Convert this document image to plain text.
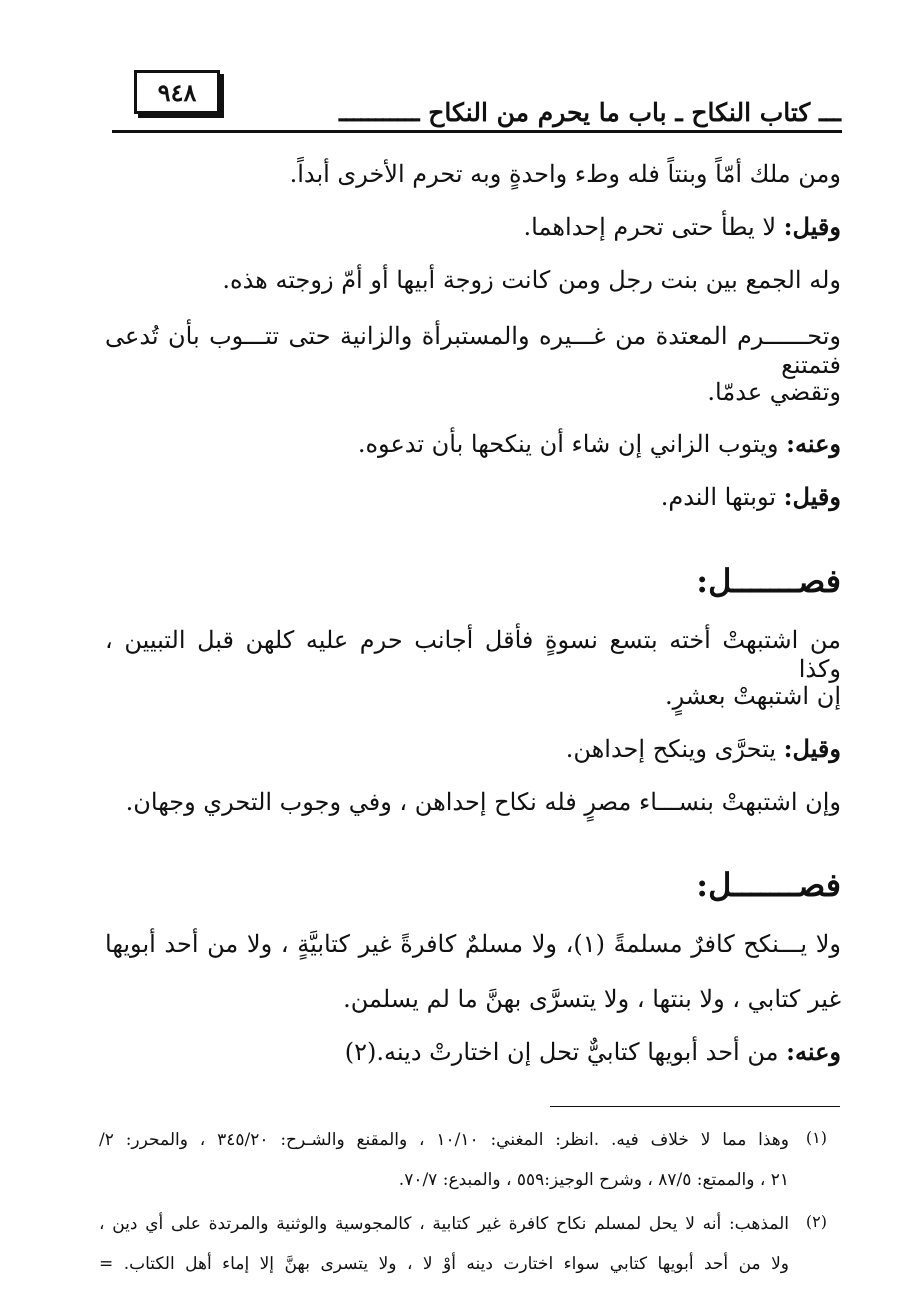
٩٤٨
ـــ كتاب النكاح ـ باب ما يحرم من النكاح ـــــــــــ
ومن ملك أمّاً وبنتاً فله وطء واحدةٍ وبه تحرم الأخرى أبداً.
وقيل: لا يطأ حتى تحرم إحداهما.
وله الجمع بين بنت رجل ومن كانت زوجة أبيها أو أمّ زوجته هذه.
وتحــــــرم المعتدة من غـــيره والمستبرأة والزانية حتى تتـــوب بأن تُدعى فتمتنع
وتقضي عدمّا.
وعنه: ويتوب الزاني إن شاء أن ينكحها بأن تدعوه.
وقيل: توبتها الندم.
فصـــــــل:
من اشتبهتْ أخته بتسع نسوةٍ فأقل أجانب حرم عليه كلهن قبل التبيين ، وكذا
إن اشتبهتْ بعشرٍ.
وقيل: يتحرَّى وينكح إحداهن.
وإن اشتبهتْ بنســـاء مصرٍ فله نكاح إحداهن ، وفي وجوب التحري وجهان.
فصـــــــل:
ولا يـــنكح كافرٌ مسلمةً (١)، ولا مسلمٌ كافرةً غير كتابيَّةٍ ، ولا من أحد أبويها
غير كتابي ، ولا بنتها ، ولا يتسرَّى بهنَّ ما لم يسلمن.
وعنه: من أحد أبويها كتابيٌّ تحل إن اختارتْ دينه.(٢)
(١)
وهذا مما لا خلاف فيه. .انظر: المغني: ١٠/١٠ ، والمقنع والشـرح: ٣٤٥/٢٠ ، والمحرر: ٢/
٢١ ، والممتع: ٨٧/٥ ، وشرح الوجيز:٥٥٩ ، والمبدع: ٧٠/٧.
(٢)
المذهب: أنه لا يحل لمسلم نكاح كافرة غير كتابية ، كالمجوسية والوثنية والمرتدة على أي دين ،
ولا من أحد أبويها كتابي سواء اختارت دينه أوْ لا ، ولا يتسرى بهنَّ إلا إماء أهل الكتاب. =
